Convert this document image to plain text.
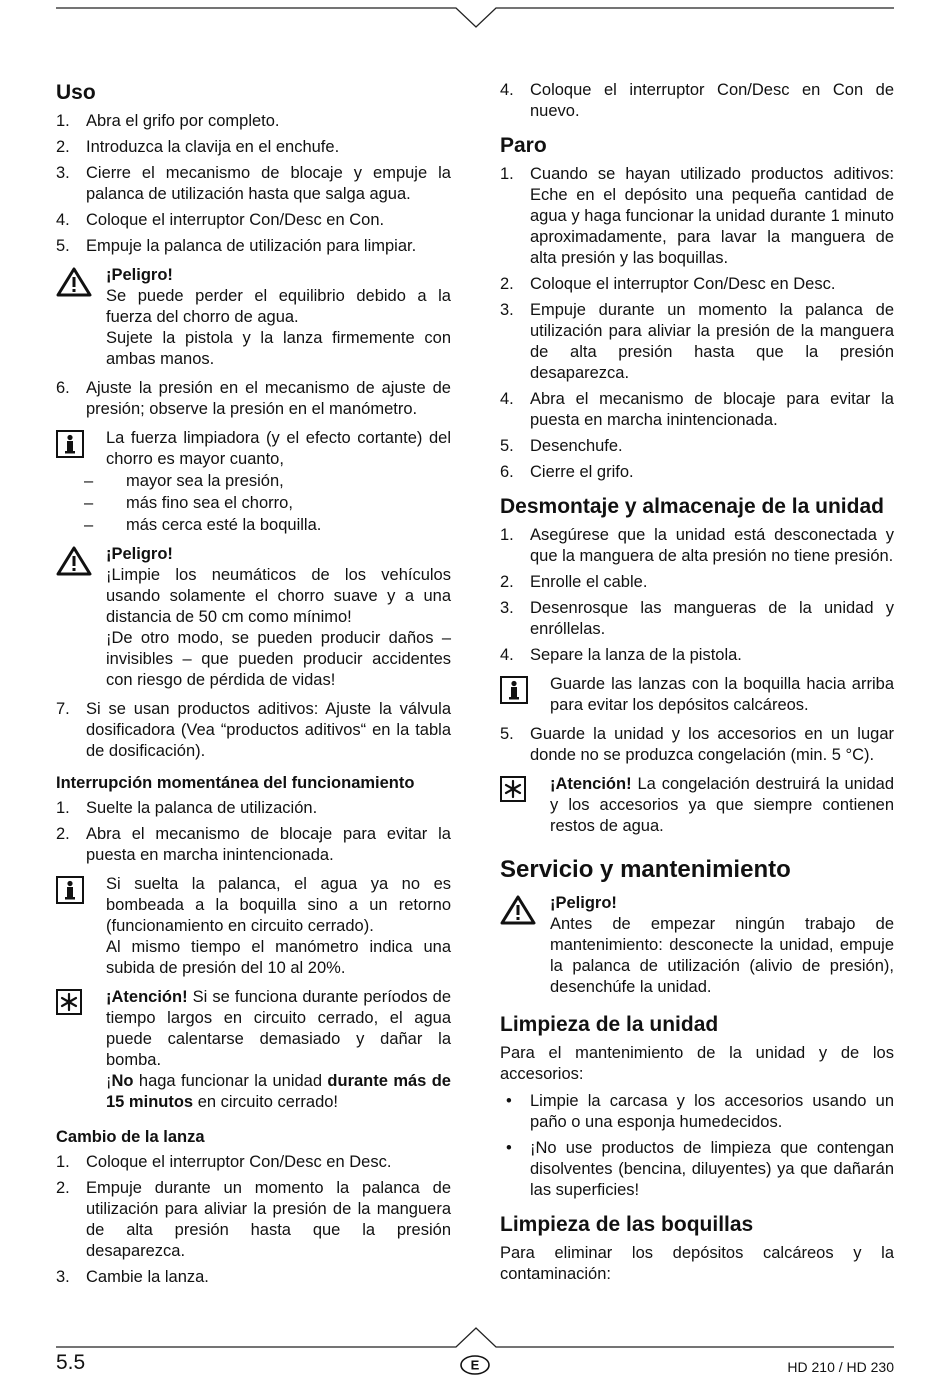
Uso
1. Abra el grifo por completo.
2. Introduzca la clavija en el enchufe.
3. Cierre el mecanismo de blocaje y empuje la palanca de utilización hasta que salga agua.
4. Coloque el interruptor Con/Desc en Con.
5. Empuje la palanca de utilización para limpiar.

¡Peligro!

Se puede perder el equilibrio debido a la fuerza del chorro de agua.

Sujete la pistola y la lanza firmemente con ambas manos.

6. Ajuste la presión en el mecanismo de ajuste de presión; observe la presión en el manómetro.

La fuerza limpiadora (y el efecto cortante) del chorro es mayor cuanto,

–	mayor sea la presión,
–	más fino sea el chorro,
–	más cerca esté la boquilla.

¡Peligro!

¡Limpie los neumáticos de los vehículos usando solamente el chorro suave y a una distancia de 50 cm como mínimo!

¡De otro modo, se pueden producir daños – invisibles – que pueden producir accidentes con riesgo de pérdida de vidas!

7. Si se usan productos aditivos: Ajuste la válvula dosificadora (Vea “productos aditivos“ en la tabla de dosificación).
Interrupción momentánea del funcionamiento
1. Suelte la palanca de utilización.
2. Abra el mecanismo de blocaje para evitar la puesta en marcha inintencionada.

Si suelta la palanca, el agua ya no es bombeada a la boquilla sino a un retorno (funcionamiento en circuito cerrado).

Al mismo tiempo el manómetro indica una subida de presión del 10 al 20%.

¡Atención! Si se funciona durante períodos de tiempo largos en circuito cerrado, el agua puede calentarse demasiado y dañar la bomba.

¡No haga funcionar la unidad durante más de 15 minutos en circuito cerrado!

Cambio de la lanza
1. Coloque el interruptor Con/Desc en Desc.
2. Empuje durante un momento la palanca de utilización para aliviar la presión de la manguera de alta presión hasta que la presión desaparezca.
3. Cambie la lanza.
4. Coloque el interruptor Con/Desc en Con de nuevo.
Paro
1. Cuando se hayan utilizado productos aditivos: Eche en el depósito una pequeña cantidad de agua y haga funcionar la unidad durante 1 minuto aproximadamente, para lavar la manguera de alta presión y las boquillas.
2. Coloque el interruptor Con/Desc en Desc.
3. Empuje durante un momento la palanca de utilización para aliviar la presión de la manguera de alta presión hasta que la presión desaparezca.
4. Abra el mecanismo de blocaje para evitar la puesta en marcha inintencionada.
5. Desenchufe.
6. Cierre el grifo.
Desmontaje y almacenaje de la unidad
1. Asegúrese que la unidad está desconectada y que la manguera de alta presión no tiene presión.
2. Enrolle el cable.
3. Desenrosque las mangueras de la unidad y enróllelas.
4. Separe la lanza de la pistola.

Guarde las lanzas con la boquilla hacia arriba para evitar los depósitos calcáreos.

5. Guarde la unidad y los accesorios en un lugar donde no se produzca congelación (min. 5 °C).

¡Atención! La congelación destruirá la unidad y los accesorios ya que siempre contienen restos de agua.

Servicio y mantenimiento

¡Peligro!

Antes de empezar ningún trabajo de mantenimiento: desconecte la unidad, empuje la palanca de utilización (alivio de presión), desenchúfe la unidad.

Limpieza de la unidad

Para el mantenimiento de la unidad y de los accesorios:

•	Limpie la carcasa y los accesorios usando un paño o una esponja humedecidos.
•	¡No use productos de limpieza que contengan disolventes (bencina, diluyentes) ya que dañarán las superficies!
Limpieza de las boquillas

Para eliminar los depósitos calcáreos y la contaminación:

5.5	E	HD 210 / HD 230
